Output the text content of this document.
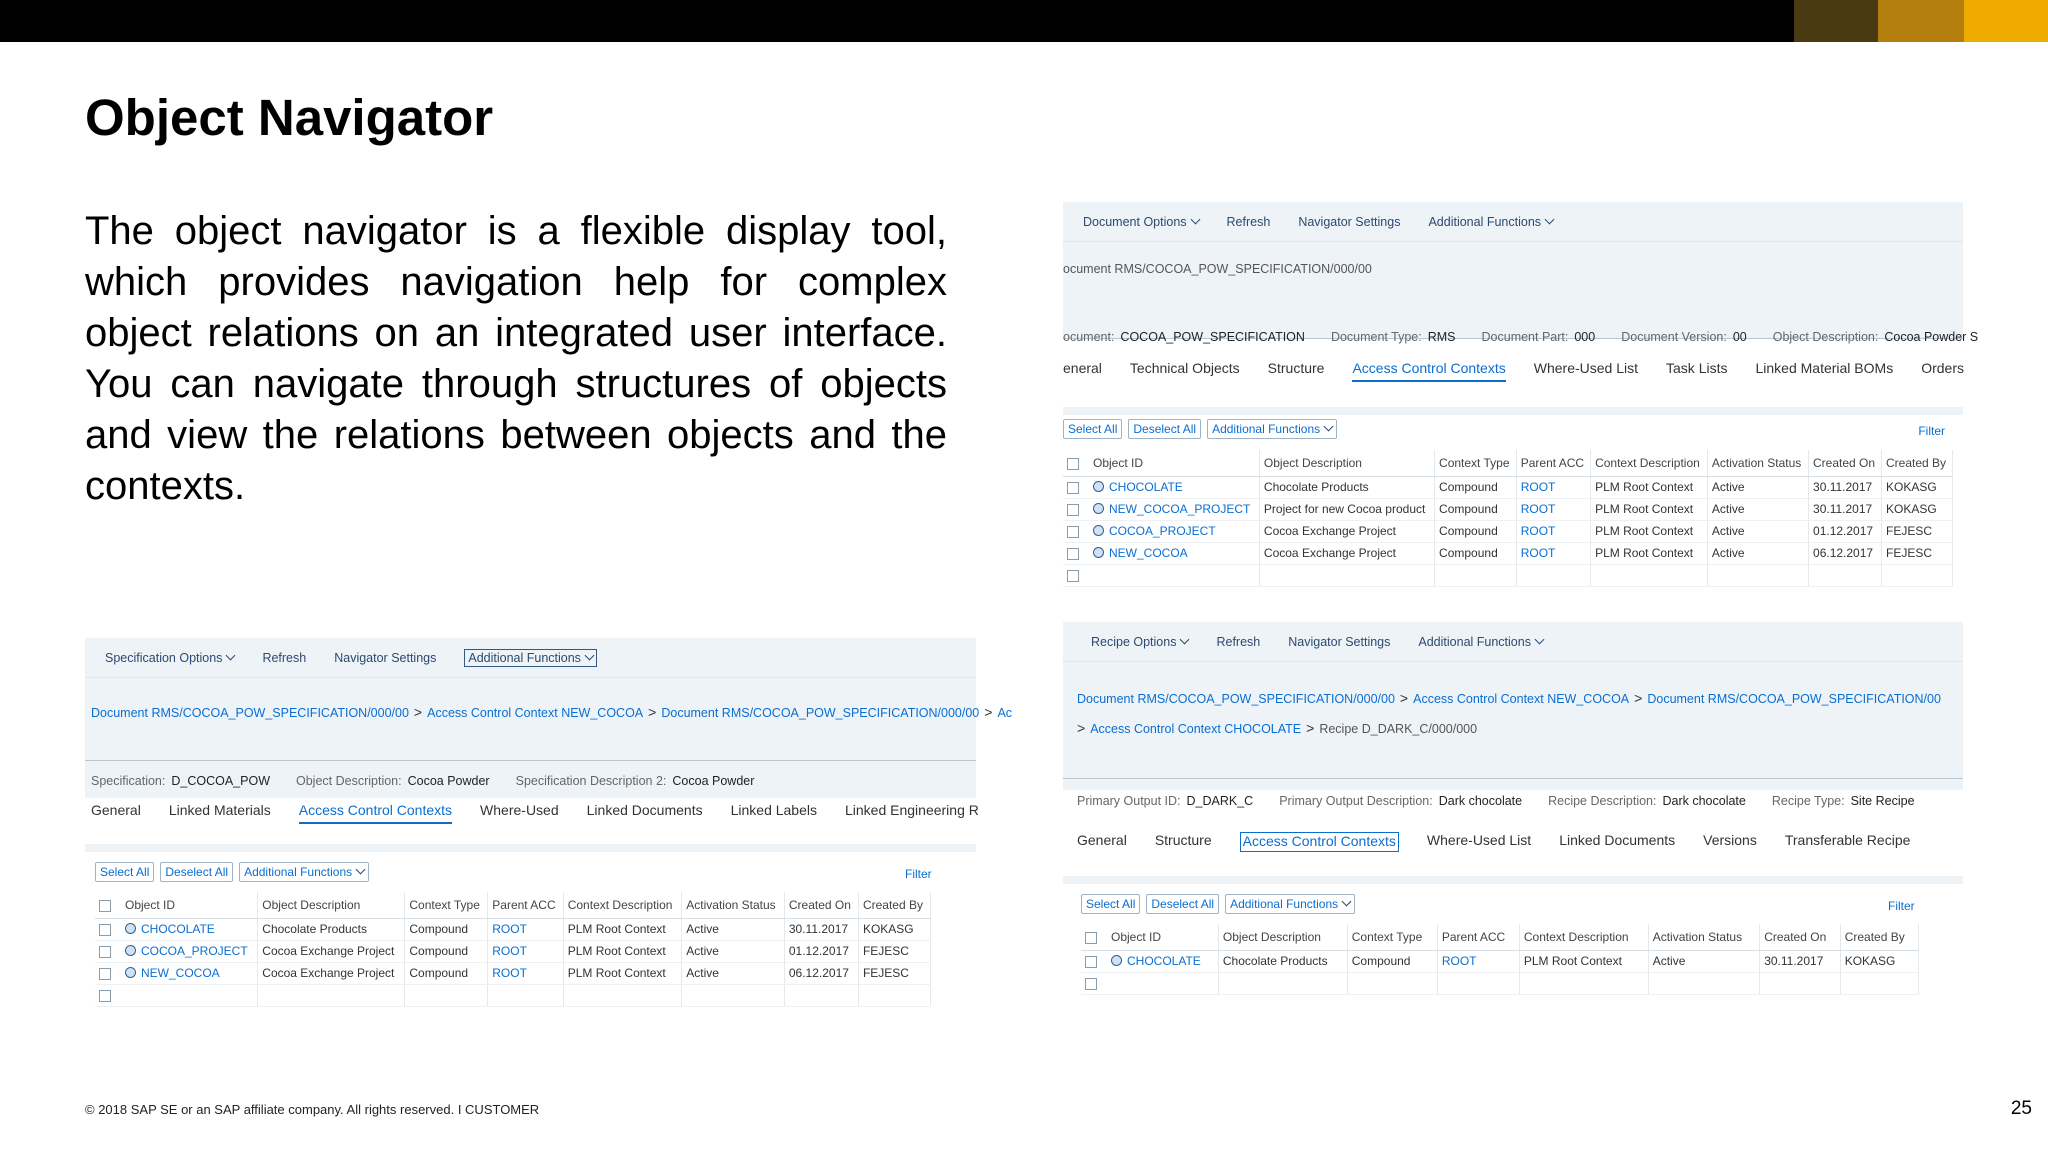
Object Navigator
The object navigator is a flexible display tool, which provides navigation help for complex object relations on an integrated user interface. You can navigate through structures of objects and view the relations between objects and the contexts.
Document Options	Refresh Navigator Settings Additional Functions
ocument RMS/COCOA_POW_SPECIFICATION/000/00
ocument: COCOA_POW_SPECIFICATION Document Type: RMS Document Part: 000 Document Version: 00 Object Description: Cocoa Powder S
eneral Technical Objects Structure Access Control Contexts Where-Used List Task Lists Linked Material BOMs Orders
Select All	Deselect All	Additional Functions	Filter
	Object ID	Object Description	Context Type	Parent ACC	Context Description	Activation Status	Created On	Created By
	CHOCOLATE	Chocolate Products	Compound	ROOT	PLM Root Context	Active	30.11.2017	KOKASG
	NEW_COCOA_PROJECT	Project for new Cocoa product	Compound	ROOT	PLM Root Context	Active	30.11.2017	KOKASG
	COCOA_PROJECT	Cocoa Exchange Project	Compound	ROOT	PLM Root Context	Active	01.12.2017	FEJESC
	NEW_COCOA	Cocoa Exchange Project	Compound	ROOT	PLM Root Context	Active	06.12.2017	FEJESC

Specification Options	Refresh Navigator Settings	Additional Functions
Document RMS/COCOA_POW_SPECIFICATION/000/00 > Access Control Context NEW_COCOA > Document RMS/COCOA_POW_SPECIFICATION/000/00 > Ac
Specification: D_COCOA_POW Object Description: Cocoa Powder Specification Description 2: Cocoa Powder
General Linked Materials Access Control Contexts Where-Used Linked Documents Linked Labels Linked Engineering R
Select All	Deselect All	Additional Functions	Filter
	Object ID	Object Description	Context Type	Parent ACC	Context Description	Activation Status	Created On	Created By
	CHOCOLATE	Chocolate Products	Compound	ROOT	PLM Root Context	Active	30.11.2017	KOKASG
	COCOA_PROJECT	Cocoa Exchange Project	Compound	ROOT	PLM Root Context	Active	01.12.2017	FEJESC
	NEW_COCOA	Cocoa Exchange Project	Compound	ROOT	PLM Root Context	Active	06.12.2017	FEJESC

Recipe Options	Refresh Navigator Settings Additional Functions
Document RMS/COCOA_POW_SPECIFICATION/000/00 > Access Control Context NEW_COCOA > Document RMS/COCOA_POW_SPECIFICATION/00
> Access Control Context CHOCOLATE > Recipe D_DARK_C/000/000
Primary Output ID: D_DARK_C Primary Output Description: Dark chocolate Recipe Description: Dark chocolate Recipe Type: Site Recipe
General Structure Access Control Contexts Where-Used List Linked Documents Versions Transferable Recipe
Select All	Deselect All	Additional Functions	Filter
	Object ID	Object Description	Context Type	Parent ACC	Context Description	Activation Status	Created On	Created By
	CHOCOLATE	Chocolate Products	Compound	ROOT	PLM Root Context	Active	30.11.2017	KOKASG

© 2018 SAP SE or an SAP affiliate company. All rights reserved. I CUSTOMER	25
